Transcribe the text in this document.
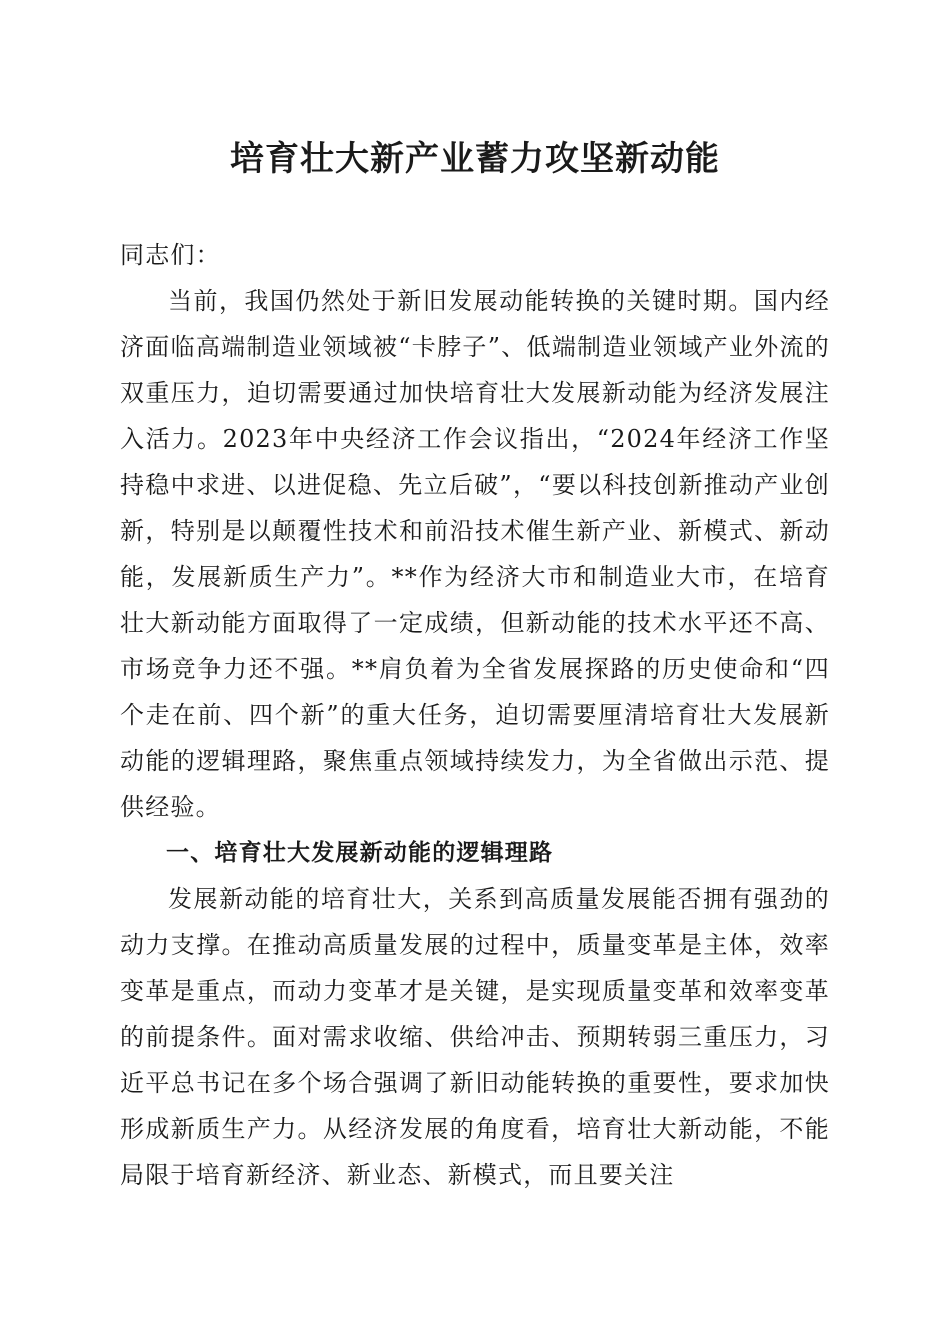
培育壮大新产业蓄力攻坚新动能

同志们：

当前，我国仍然处于新旧发展动能转换的关键时期。国内经济面临高端制造业领域被“卡脖子”、低端制造业领域产业外流的双重压力，迫切需要通过加快培育壮大发展新动能为经济发展注入活力。2023年中央经济工作会议指出，“2024年经济工作坚持稳中求进、以进促稳、先立后破”，“要以科技创新推动产业创新，特别是以颠覆性技术和前沿技术催生新产业、新模式、新动能，发展新质生产力”。**作为经济大市和制造业大市，在培育壮大新动能方面取得了一定成绩，但新动能的技术水平还不高、市场竞争力还不强。**肩负着为全省发展探路的历史使命和“四个走在前、四个新”的重大任务，迫切需要厘清培育壮大发展新动能的逻辑理路，聚焦重点领域持续发力，为全省做出示范、提供经验。

一、培育壮大发展新动能的逻辑理路

发展新动能的培育壮大，关系到高质量发展能否拥有强劲的动力支撑。在推动高质量发展的过程中，质量变革是主体，效率变革是重点，而动力变革才是关键，是实现质量变革和效率变革的前提条件。面对需求收缩、供给冲击、预期转弱三重压力，习近平总书记在多个场合强调了新旧动能转换的重要性，要求加快形成新质生产力。从经济发展的角度看，培育壮大新动能，不能局限于培育新经济、新业态、新模式，而且要关注
